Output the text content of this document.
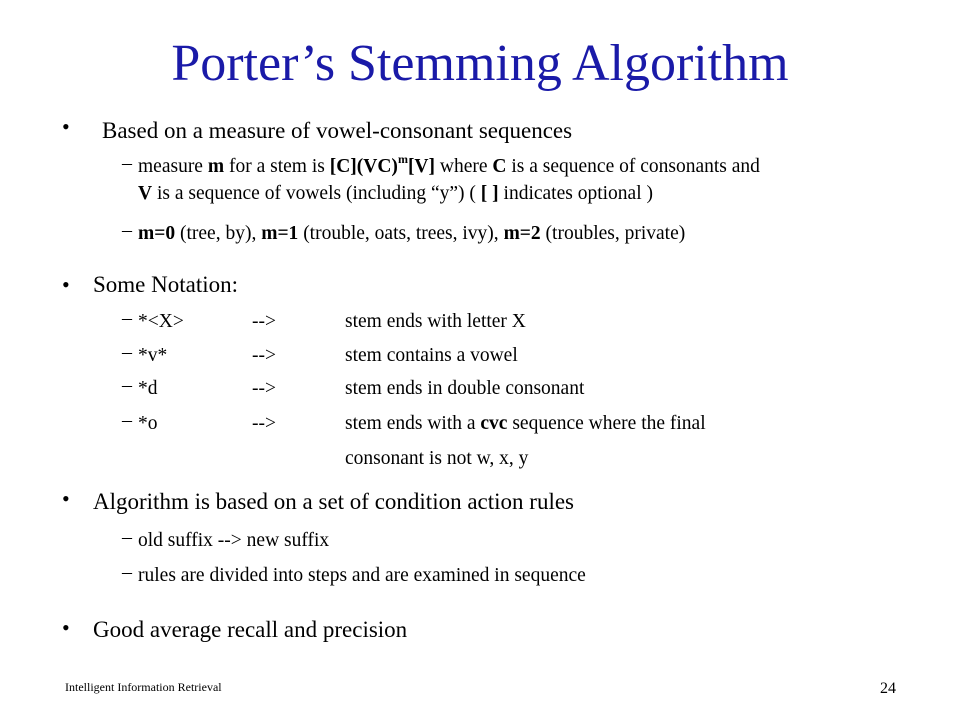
Porter’s Stemming Algorithm
• Based on a measure of vowel-consonant sequences
– measure m for a stem is [C](VC)$^m$[V] where C is a sequence of consonants and
V is a sequence of vowels (including “y”) ( [ ] indicates optional )
– m=0 (tree, by), m=1 (trouble, oats, trees, ivy), m=2 (troubles, private)
• Some Notation:
– *<X>	-->	stem ends with letter X
– *v*	-->	stem contains a vowel
– *d	-->	stem ends in double consonant
– *o	-->	stem ends with a cvc sequence where the final
consonant is not w, x, y
• Algorithm is based on a set of condition action rules
– old suffix --> new suffix
– rules are divided into steps and are examined in sequence
• Good average recall and precision
Intelligent Information Retrieval	24
